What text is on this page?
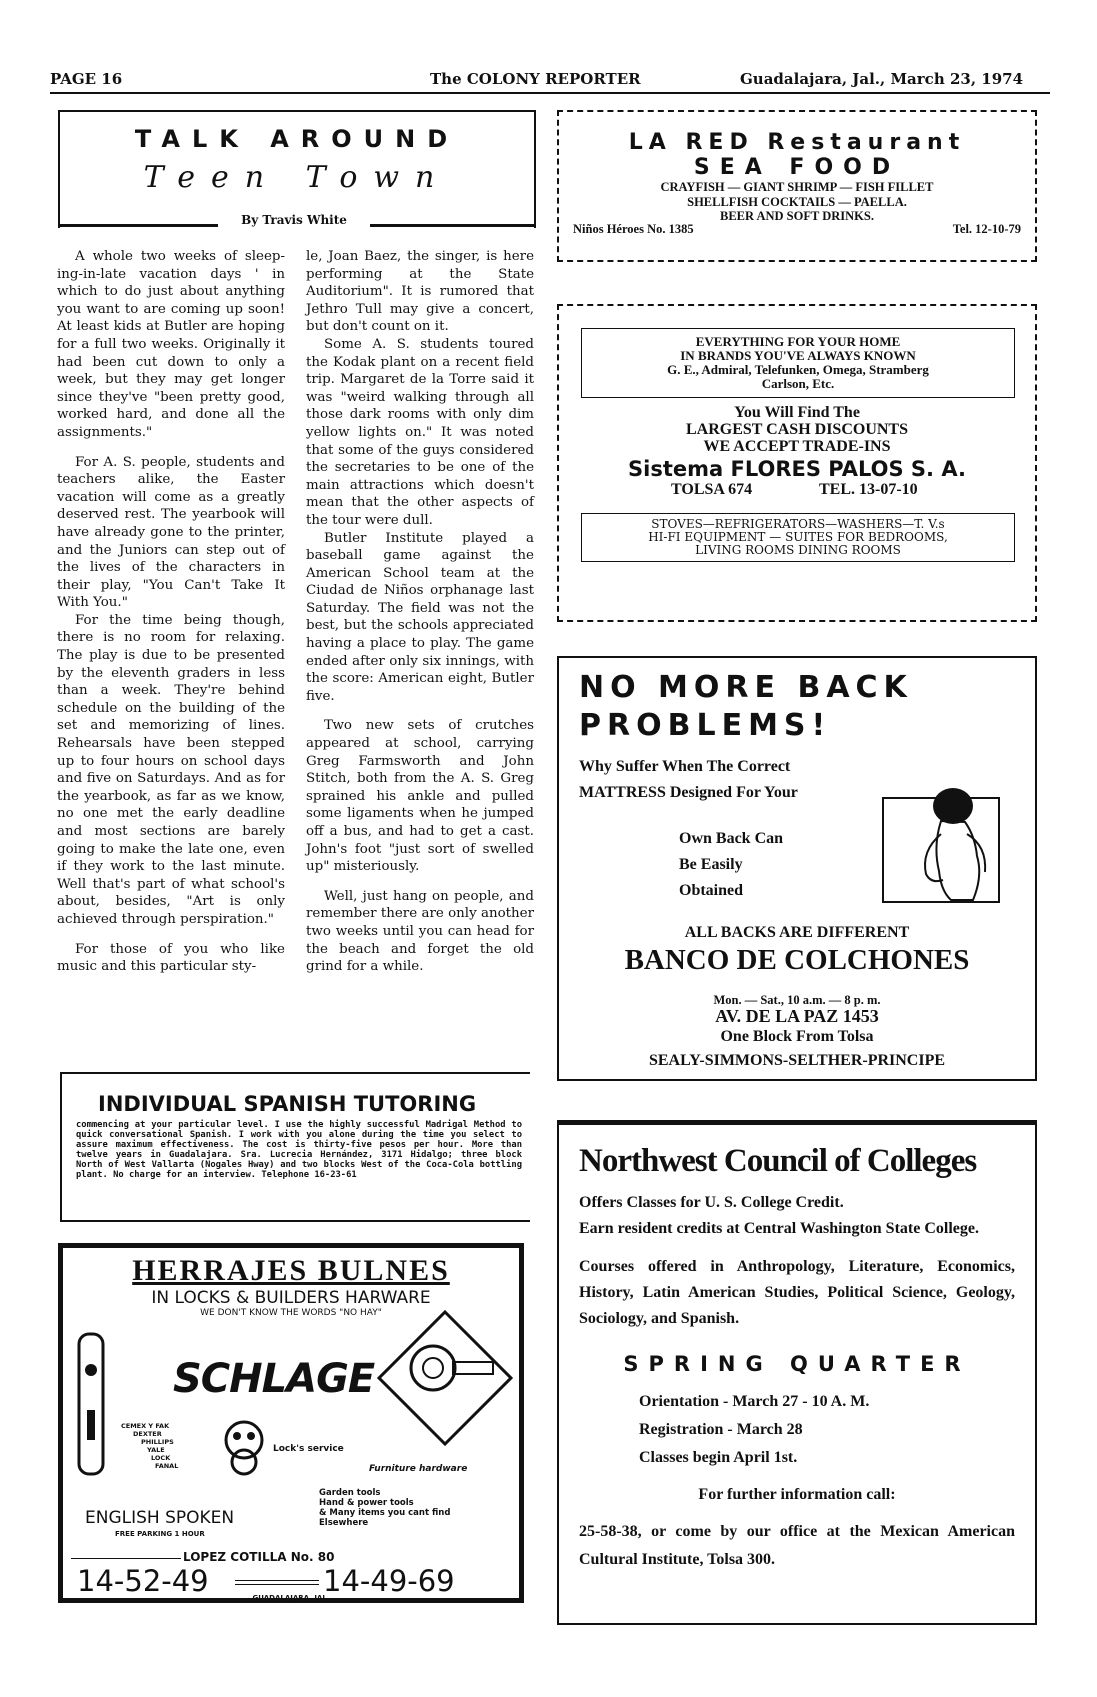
PAGE 16	The COLONY REPORTER	Guadalajara, Jal., March 23, 1974
TALK AROUND
Teen Town
By Travis White

A whole two weeks of sleep-ing-in-late vacation days ' in which to do just about anything you want to are coming up soon! At least kids at Butler are hoping for a full two weeks. Originally it had been cut down to only a week, but they may get longer since they've "been pretty good, worked hard, and done all the assignments."

For A. S. people, students and teachers alike, the Easter vacation will come as a greatly deserved rest. The yearbook will have already gone to the printer, and the Juniors can step out of the lives of the characters in their play, "You Can't Take It With You."

For the time being though, there is no room for relaxing. The play is due to be presented by the eleventh graders in less than a week. They're behind schedule on the building of the set and memorizing of lines. Rehearsals have been stepped up to four hours on school days and five on Saturdays. And as for the yearbook, as far as we know, no one met the early deadline and most sections are barely going to make the late one, even if they work to the last minute. Well that's part of what school's about, besides, "Art is only achieved through perspiration."

For those of you who like music and this particular sty-

le, Joan Baez, the singer, is here performing at the State Auditorium". It is rumored that Jethro Tull may give a concert, but don't count on it.

Some A. S. students toured the Kodak plant on a recent field trip. Margaret de la Torre said it was "weird walking through all those dark rooms with only dim yellow lights on." It was noted that some of the guys considered the secretaries to be one of the main attractions which doesn't mean that the other aspects of the tour were dull.

Butler Institute played a baseball game against the American School team at the Ciudad de Niños orphanage last Saturday. The field was not the best, but the schools appreciated having a place to play. The game ended after only six innings, with the score: American eight, Butler five.

Two new sets of crutches appeared at school, carrying Greg Farmsworth and John Stitch, both from the A. S. Greg sprained his ankle and pulled some ligaments when he jumped off a bus, and had to get a cast. John's foot "just sort of swelled up" misteriously.

Well, just hang on people, and remember there are only another two weeks until you can head for the beach and forget the old grind for a while.

LA RED Restaurant
SEA FOOD
CRAYFISH — GIANT SHRIMP — FISH FILLET
SHELLFISH COCKTAILS — PAELLA.
BEER AND SOFT DRINKS.
Niños Héroes No. 1385	Tel. 12-10-79
EVERYTHING FOR YOUR HOME
IN BRANDS YOU'VE ALWAYS KNOWN
G. E., Admiral, Telefunken, Omega, Stramberg
Carlson, Etc.
You Will Find The
LARGEST CASH DISCOUNTS
WE ACCEPT TRADE-INS
Sistema FLORES PALOS S. A.
TOLSA 674	TEL. 13-07-10
STOVES—REFRIGERATORS—WASHERS—T. V.s
HI-FI EQUIPMENT — SUITES FOR BEDROOMS,
LIVING ROOMS DINING ROOMS
NO MORE BACK
PROBLEMS!
Why Suffer When The Correct
MATTRESS Designed For Your
Own Back Can
Be Easily
Obtained
ALL BACKS ARE DIFFERENT
BANCO DE COLCHONES
Mon. — Sat., 10 a.m. — 8 p. m.
AV. DE LA PAZ 1453
One Block From Tolsa
SEALY-SIMMONS-SELTHER-PRINCIPE
INDIVIDUAL SPANISH TUTORING
commencing at your particular level. I use the highly successful Madrigal Method to quick conversational Spanish. I work with you alone during the time you select to assure maximum effectiveness. The cost is thirty-five pesos per hour. More than twelve years in Guadalajara. Sra. Lucrecia Hernández, 3171 Hidalgo; three block North of West Vallarta (Nogales Hway) and two blocks West of the Coca-Cola bottling plant. No charge for an interview. Telephone 16-23-61
HERRAJES BULNES
IN LOCKS & BUILDERS HARWARE
WE DON'T KNOW THE WORDS "NO HAY"
SCHLAGE
CEMEX Y FAK
DEXTER
PHILLIPS
YALE
LOCK
FANAL
Lock's service
Furniture hardware
Garden tools
Hand & power tools
& Many items you cant find
Elsewhere
ENGLISH SPOKEN
FREE PARKING 1 HOUR
LOPEZ COTILLA No. 80
14-52-49	14-49-69
GUADALAJARA, JAL.
Northwest Council of Colleges
Offers Classes for U. S. College Credit.
Earn resident credits at Central Washington State College.
Courses offered in Anthropology, Literature, Economics, History, Latin American Studies, Political Science, Geology, Sociology, and Spanish.
SPRING QUARTER
Orientation - March 27 - 10 A. M.
Registration - March 28
Classes begin April 1st.
For further information call:
25-58-38, or come by our office at the Mexican American Cultural Institute, Tolsa 300.
